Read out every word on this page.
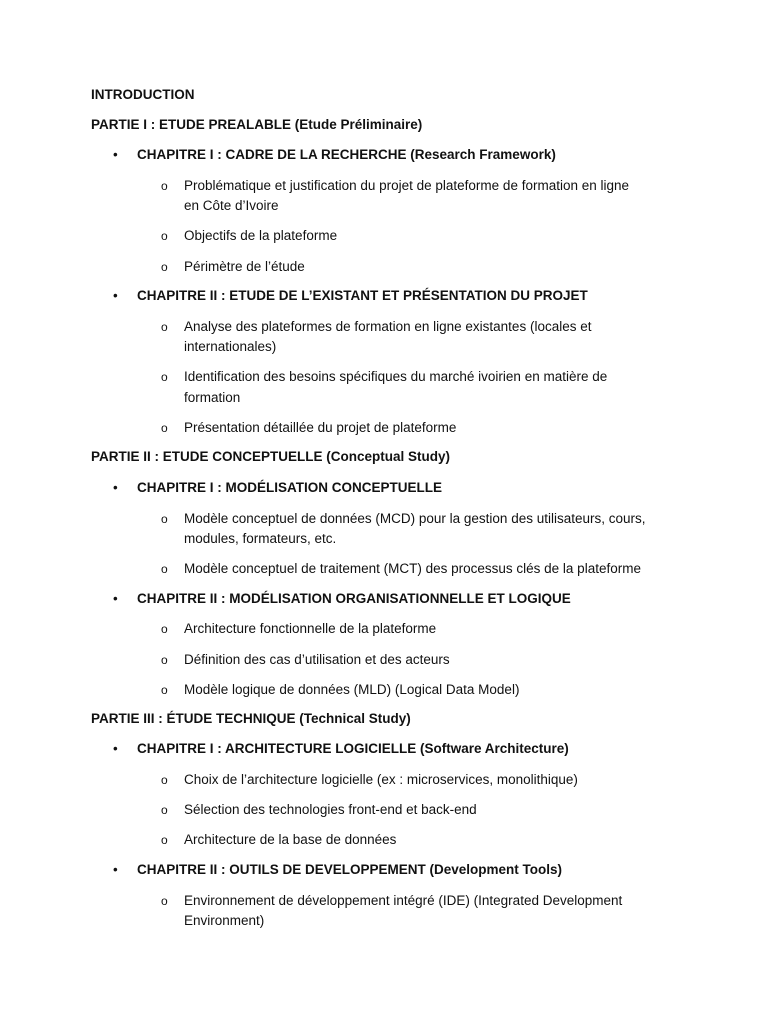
INTRODUCTION
PARTIE I : ETUDE PREALABLE (Etude Préliminaire)
• CHAPITRE I : CADRE DE LA RECHERCHE (Research Framework)
o Problématique et justification du projet de plateforme de formation en ligne
en Côte d’Ivoire
o Objectifs de la plateforme
o Périmètre de l’étude
• CHAPITRE II : ETUDE DE L’EXISTANT ET PRÉSENTATION DU PROJET
o Analyse des plateformes de formation en ligne existantes (locales et
internationales)
o Identification des besoins spécifiques du marché ivoirien en matière de
formation
o Présentation détaillée du projet de plateforme
PARTIE II : ETUDE CONCEPTUELLE (Conceptual Study)
• CHAPITRE I : MODÉLISATION CONCEPTUELLE
o Modèle conceptuel de données (MCD) pour la gestion des utilisateurs, cours,
modules, formateurs, etc.
o Modèle conceptuel de traitement (MCT) des processus clés de la plateforme
• CHAPITRE II : MODÉLISATION ORGANISATIONNELLE ET LOGIQUE
o Architecture fonctionnelle de la plateforme
o Définition des cas d’utilisation et des acteurs
o Modèle logique de données (MLD) (Logical Data Model)
PARTIE III : ÉTUDE TECHNIQUE (Technical Study)
• CHAPITRE I : ARCHITECTURE LOGICIELLE (Software Architecture)
o Choix de l’architecture logicielle (ex : microservices, monolithique)
o Sélection des technologies front-end et back-end
o Architecture de la base de données
• CHAPITRE II : OUTILS DE DEVELOPPEMENT (Development Tools)
o Environnement de développement intégré (IDE) (Integrated Development
Environment)
